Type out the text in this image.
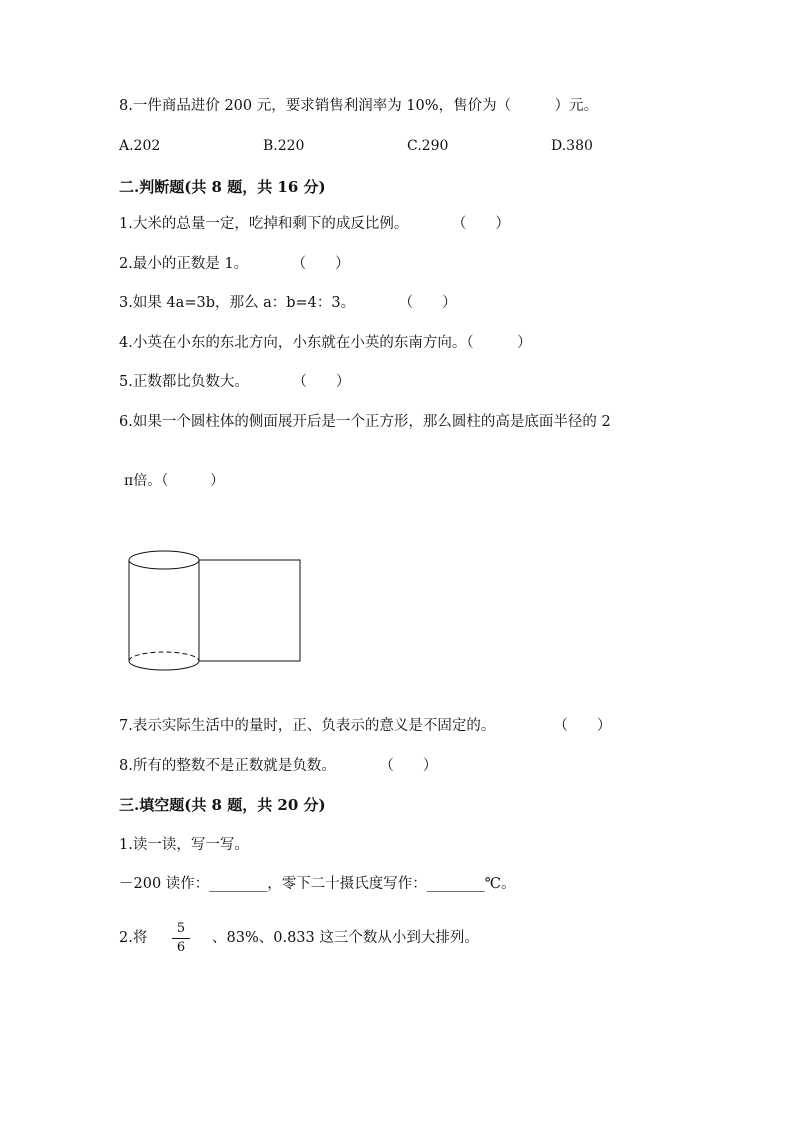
8.一件商品进价 200 元，要求销售利润率为 10%，售价为（　　　）元。
A.202	B.220	C.290	D.380
二.判断题(共 8 题，共 16 分)
1.大米的总量一定，吃掉和剩下的成反比例。　　　　（　　）
2.最小的正数是 1。　　　　（　　）
3.如果 4a=3b，那么 a：b=4：3。　　　　（　　）
4.小英在小东的东北方向，小东就在小英的东南方向。（　　　）
5.正数都比负数大。　　　　（　　）
6.如果一个圆柱体的侧面展开后是一个正方形，那么圆柱的高是底面半径的 2
π倍。（　　　）
7.表示实际生活中的量时，正、负表示的意义是不固定的。　　　　　（　　）
8.所有的整数不是正数就是负数。　　　　（　　）
三.填空题(共 8 题，共 20 分)
1.读一读，写一写。
－200 读作：________，零下二十摄氏度写作：________℃。
2.将
5
6
、83%、0.833 这三个数从小到大排列。
